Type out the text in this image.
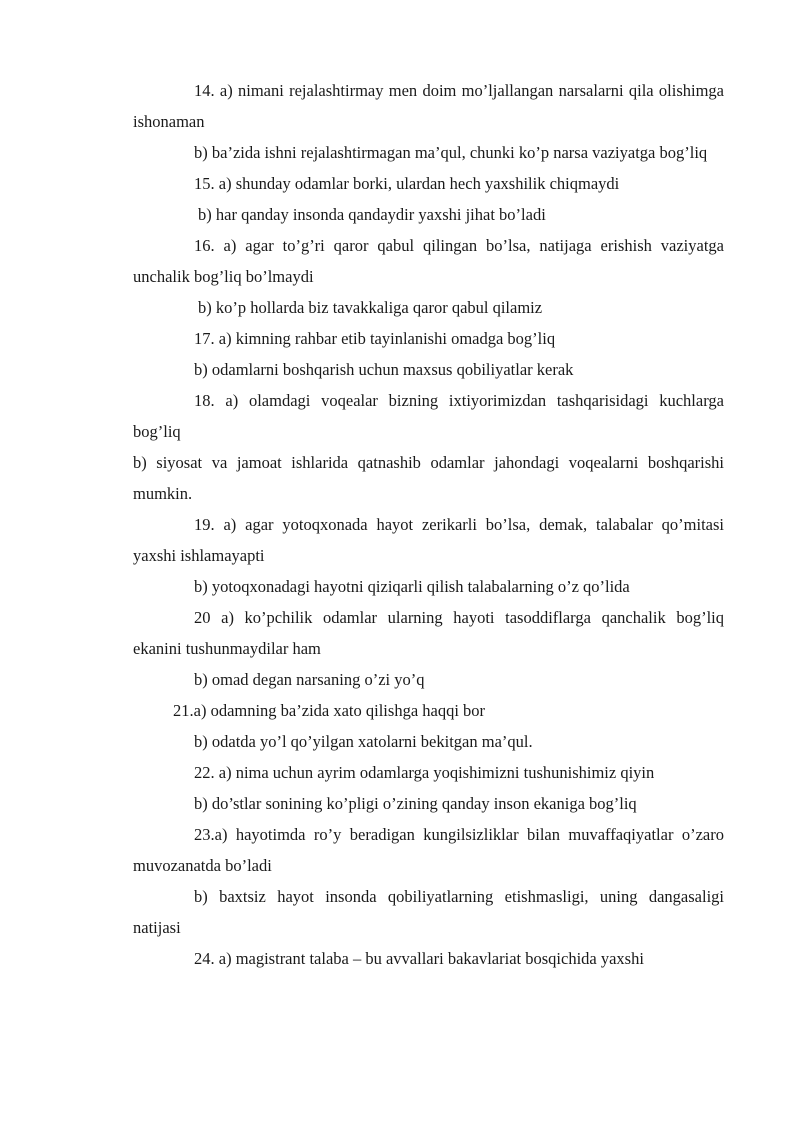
14. a) nimani rejalashtirmay men doim mo’ljallangan narsalarni qila olishimga ishonaman

b) ba’zida ishni rejalashtirmagan ma’qul, chunki ko’p narsa vaziyatga bog’liq

15. a) shunday odamlar borki, ulardan hech yaxshilik chiqmaydi

b) har qanday insonda qandaydir yaxshi jihat bo’ladi

16. a) agar to’g’ri qaror qabul qilingan bo’lsa, natijaga erishish vaziyatga unchalik bog’liq bo’lmaydi

b) ko’p hollarda biz tavakkaliga qaror qabul qilamiz

17. a) kimning rahbar etib tayinlanishi omadga bog’liq

b) odamlarni boshqarish uchun maxsus qobiliyatlar kerak

18. a) olamdagi voqealar bizning ixtiyorimizdan tashqarisidagi kuchlarga bog’liq

b) siyosat va jamoat ishlarida qatnashib odamlar jahondagi voqealarni boshqarishi mumkin.

19. a) agar yotoqxonada hayot zerikarli bo’lsa, demak, talabalar qo’mitasi yaxshi ishlamayapti

b) yotoqxonadagi hayotni qiziqarli qilish talabalarning o’z qo’lida

20 a) ko’pchilik odamlar ularning hayoti tasoddiflarga qanchalik bog’liq ekanini tushunmaydilar ham

b) omad degan narsaning o’zi yo’q

21.a) odamning ba’zida xato qilishga haqqi bor

b) odatda yo’l qo’yilgan xatolarni bekitgan ma’qul.

22. a) nima uchun ayrim odamlarga yoqishimizni tushunishimiz qiyin

b) do’stlar sonining ko’pligi o’zining qanday inson ekaniga bog’liq

23.a) hayotimda ro’y beradigan kungilsizliklar bilan muvaffaqiyatlar o’zaro muvozanatda bo’ladi

b) baxtsiz hayot insonda qobiliyatlarning etishmasligi, uning dangasaligi natijasi

24. a) magistrant talaba – bu avvallari bakavlariat bosqichida yaxshi
